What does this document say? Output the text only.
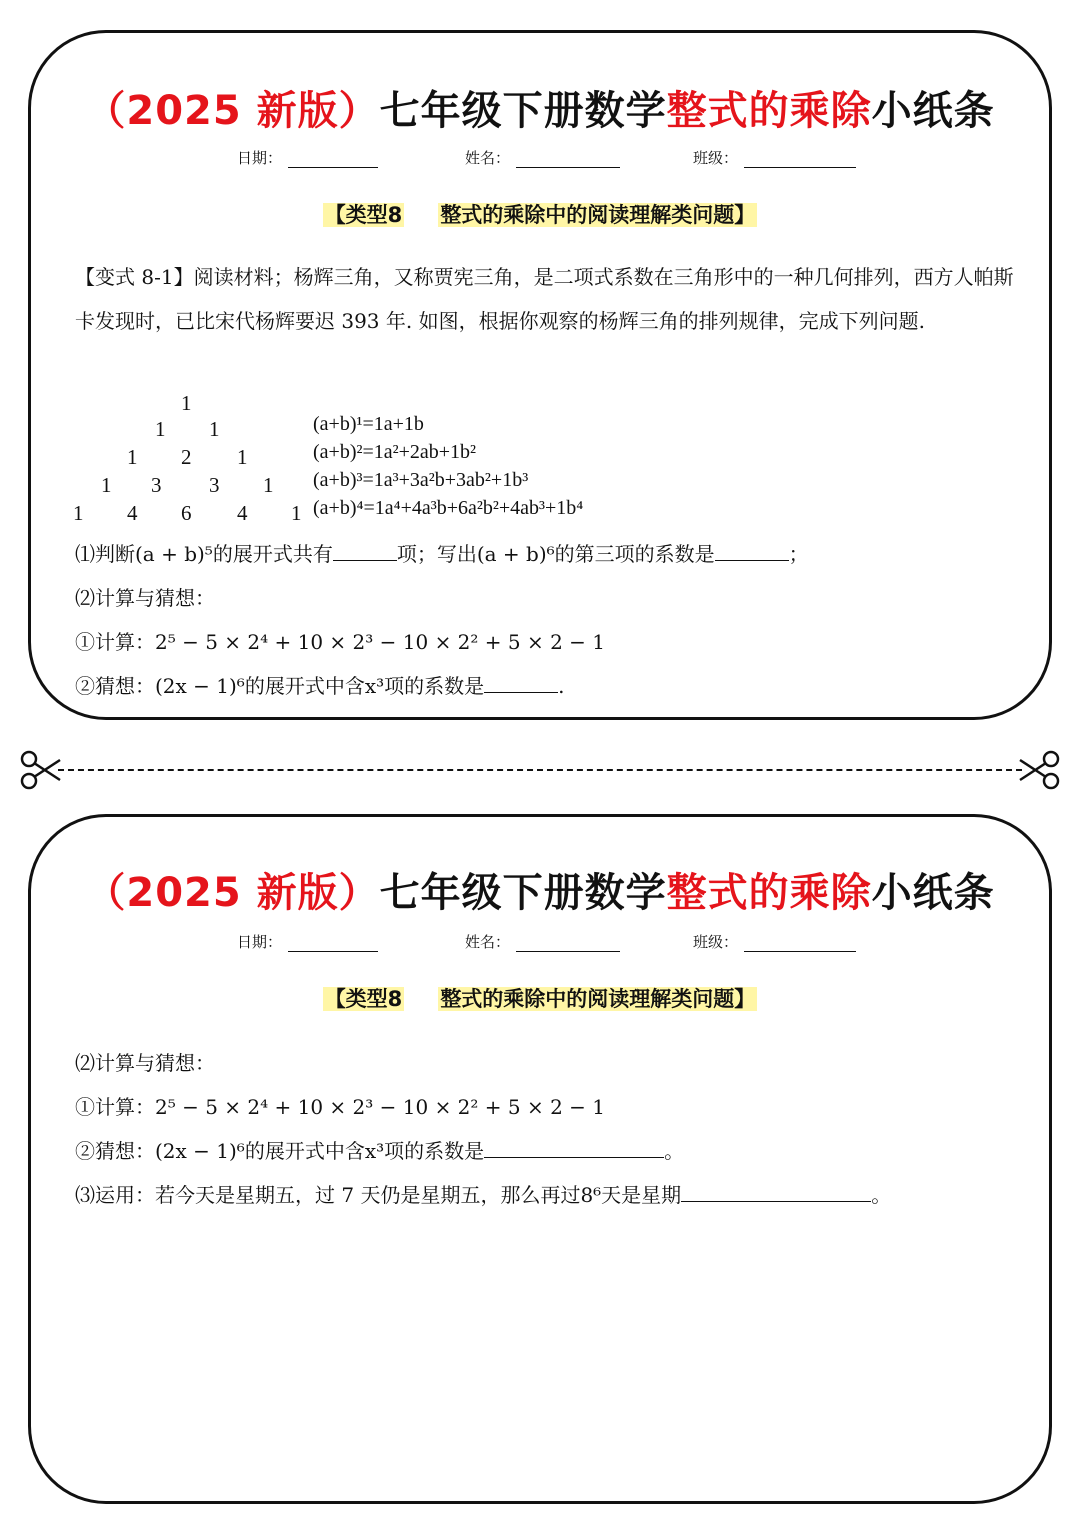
（2025 新版）七年级下册数学整式的乘除小纸条
日期：	姓名：	班级：
【类型8 整式的乘除中的阅读理解类问题】
【变式 8-1】阅读材料；杨辉三角，又称贾宪三角，是二项式系数在三角形中的一种几何排列，西方人帕斯卡发现时，已比宋代杨辉要迟 393 年. 如图，根据你观察的杨辉三角的排列规律，完成下列问题.
1
1 1
1 2 1
1 3 3 1
1 4 6 4 1
(a+b)¹=1a+1b
(a+b)²=1a²+2ab+1b²
(a+b)³=1a³+3a²b+3ab²+1b³
(a+b)⁴=1a⁴+4a³b+6a²b²+4ab³+1b⁴
⑴判断(a + b)⁵的展开式共有	项；写出(a + b)⁶的第三项的系数是	；
⑵计算与猜想：
①计算：2⁵ − 5 × 2⁴ + 10 × 2³ − 10 × 2² + 5 × 2 − 1
②猜想：(2x − 1)⁶的展开式中含x³项的系数是	.
（2025 新版）七年级下册数学整式的乘除小纸条
日期：	姓名：	班级：
【类型8 整式的乘除中的阅读理解类问题】
⑵计算与猜想：
①计算：2⁵ − 5 × 2⁴ + 10 × 2³ − 10 × 2² + 5 × 2 − 1
②猜想：(2x − 1)⁶的展开式中含x³项的系数是	。
⑶运用：若今天是星期五，过 7 天仍是星期五，那么再过8⁶天是星期	。
